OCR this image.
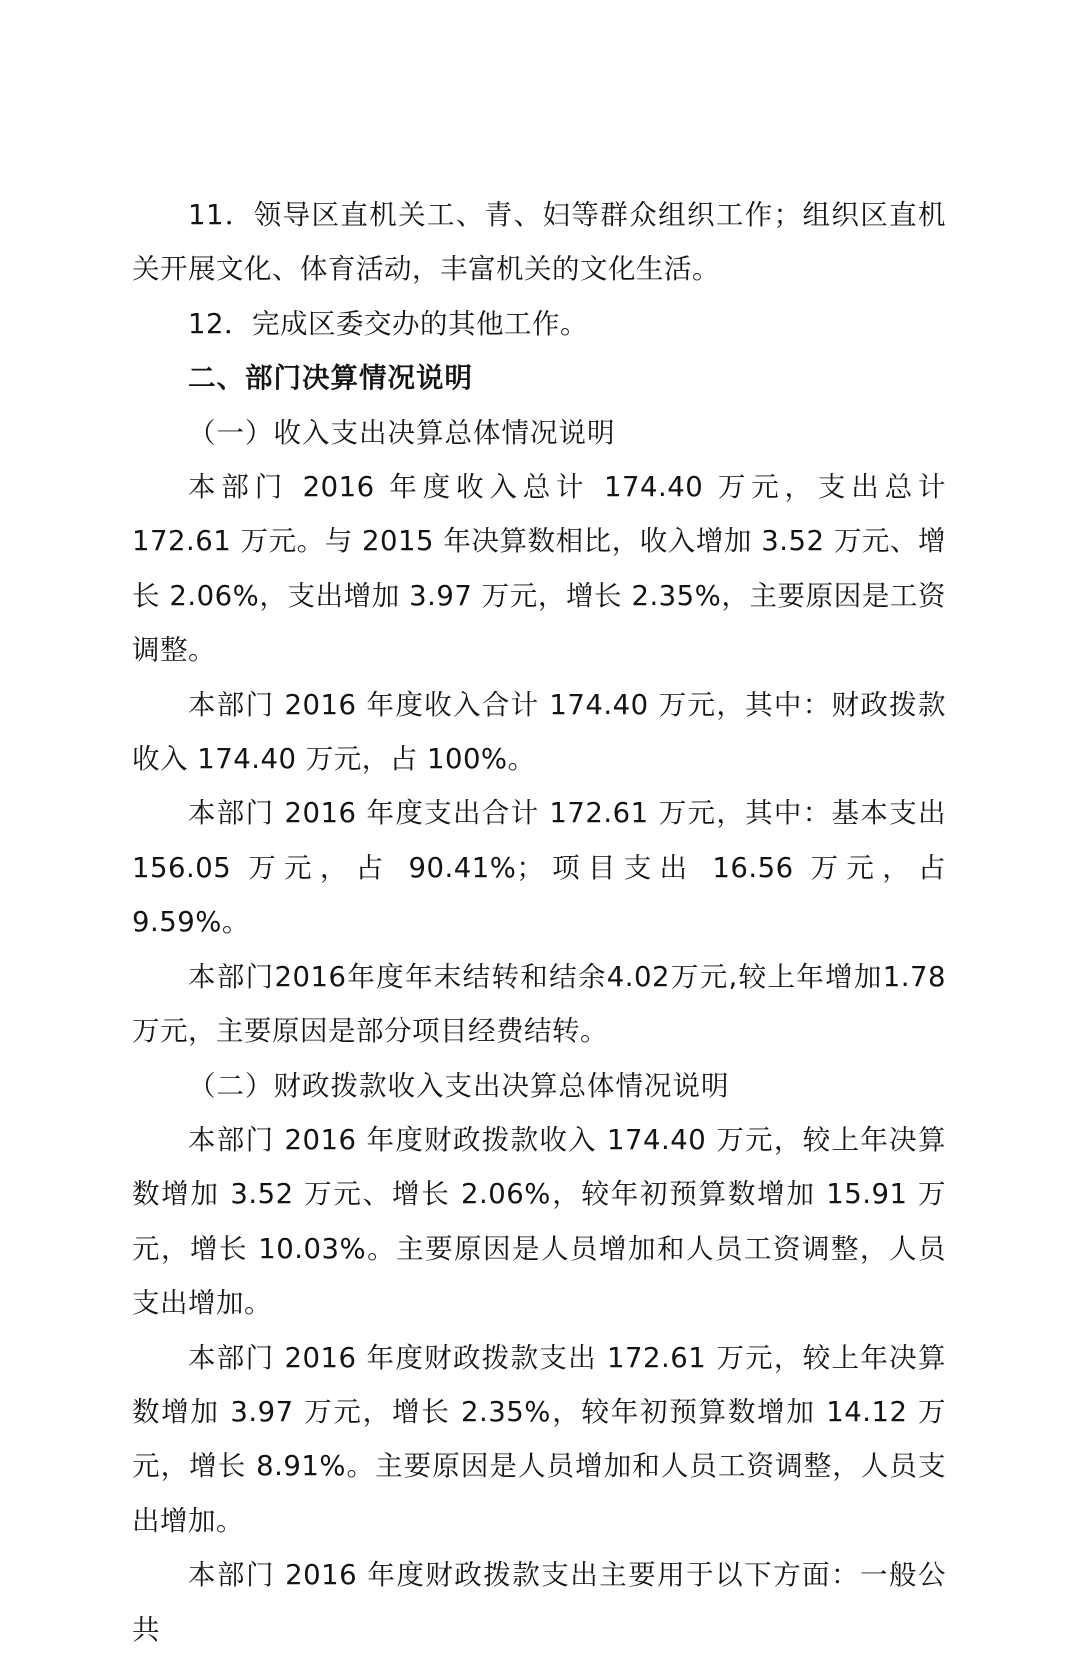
11．领导区直机关工、青、妇等群众组织工作；组织区直机关开展文化、体育活动，丰富机关的文化生活。

12．完成区委交办的其他工作。

二、部门决算情况说明

（一）收入支出决算总体情况说明

本部门 2016 年度收入总计 174.40 万元，支出总计 172.61 万元。与 2015 年决算数相比，收入增加 3.52 万元、增长 2.06%，支出增加 3.97 万元，增长 2.35%，主要原因是工资调整。

本部门 2016 年度收入合计 174.40 万元，其中：财政拨款收入 174.40 万元，占 100%。

本部门 2016 年度支出合计 172.61 万元，其中：基本支出 156.05 万元，占 90.41%；项目支出 16.56 万元，占 9.59%。

本部门2016年度年末结转和结余4.02万元,较上年增加1.78万元，主要原因是部分项目经费结转。

（二）财政拨款收入支出决算总体情况说明

本部门 2016 年度财政拨款收入 174.40 万元，较上年决算数增加 3.52 万元、增长 2.06%，较年初预算数增加 15.91 万元，增长 10.03%。主要原因是人员增加和人员工资调整，人员支出增加。

本部门 2016 年度财政拨款支出 172.61 万元，较上年决算数增加 3.97 万元，增长 2.35%，较年初预算数增加 14.12 万元，增长 8.91%。主要原因是人员增加和人员工资调整，人员支出增加。

本部门 2016 年度财政拨款支出主要用于以下方面：一般公共
